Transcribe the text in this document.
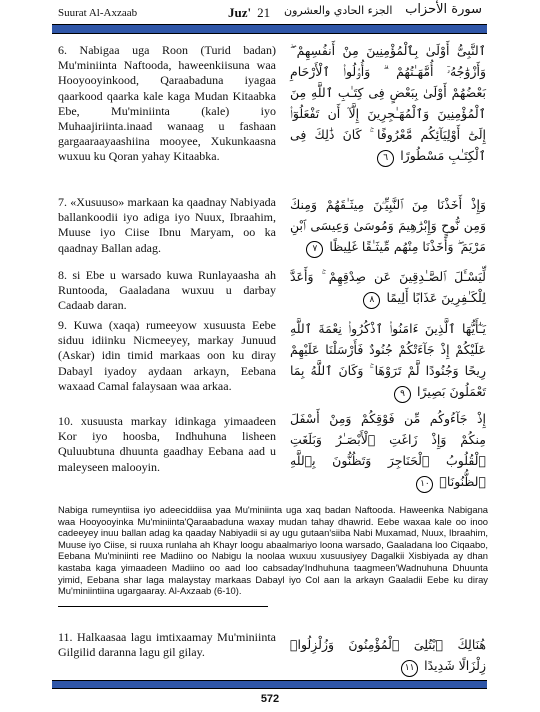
Suurat Al-Axzaab	Juz' 21 الجزء الحادي والعشرون سورة الأحزاب
6. Nabigaa uga Roon (Turid badan) Mu'miniinta Naftooda, haweenkiisuna waa Hooyooyinkood, Qaraabaduna iyagaa qaarkood qaarka kale kaga Mudan Kitaabka Ebe, Mu'miniinta (kale) iyo Muhaajiriinta.inaad wanaag u fashaan gargaaraayaashiina mooyee, Xukunkaasna wuxuu ku Qoran yahay Kitaabka.
ٱلنَّبِىُّ أَوْلَىٰ بِٱلْمُؤْمِنِينَ مِنْ أَنفُسِهِمْ ۖ وَأَزْوَٰجُهُۥٓ أُمَّهَـٰتُهُمْ ۗ وَأُو۟لُوا۟ ٱلْأَرْحَامِ بَعْضُهُمْ أَوْلَىٰ بِبَعْضٍ فِى كِتَـٰبِ ٱللَّهِ مِنَ ٱلْمُؤْمِنِينَ وَٱلْمُهَـٰجِرِينَ إِلَّآ أَن تَفْعَلُوٓا۟ إِلَىٰٓ أَوْلِيَآئِكُم مَّعْرُوفًا ۚ كَانَ ذَٰلِكَ فِى ٱلْكِتَـٰبِ مَسْطُورًا ٦
7. «Xusuuso» markaan ka qaadnay Nabiyada ballankoodii iyo adiga iyo Nuux, Ibraahim, Muuse iyo Ciise Ibnu Maryam, oo ka qaadnay Ballan adag.
وَإِذْ أَخَذْنَا مِنَ ٱلنَّبِيِّـۧنَ مِيثَـٰقَهُمْ وَمِنكَ وَمِن نُّوحٍ وَإِبْرَٰهِيمَ وَمُوسَىٰ وَعِيسَى ٱبْنِ مَرْيَمَ ۖ وَأَخَذْنَا مِنْهُم مِّيثَـٰقًا غَلِيظًا ٧
8. si Ebe u warsado kuwa Runlayaasha ah Runtooda, Gaaladana wuxuu u darbay Cadaab daran.
لِّيَسْـَٔلَ ٱلصَّـٰدِقِينَ عَن صِدْقِهِمْ ۚ وَأَعَدَّ لِلْكَـٰفِرِينَ عَذَابًا أَلِيمًا ٨
9. Kuwa (xaqa) rumeeyow xusuusta Eebe siduu idiinku Nicmeeyey, markay Junuud (Askar) idin timid markaas oon ku diray Dabayl iyadoy aydaan arkayn, Eebana waxaad Camal falaysaan waa arkaa.
يَـٰٓأَيُّهَا ٱلَّذِينَ ءَامَنُوا۟ ٱذْكُرُوا۟ نِعْمَةَ ٱللَّهِ عَلَيْكُمْ إِذْ جَآءَتْكُمْ جُنُودٌ فَأَرْسَلْنَا عَلَيْهِمْ رِيحًا وَجُنُودًا لَّمْ تَرَوْهَا ۚ وَكَانَ ٱللَّهُ بِمَا تَعْمَلُونَ بَصِيرًا ٩
10. xusuusta markay idinkaga yimaadeen Kor iyo hoosba, Indhuhuna lisheen Quluubtuna dhuunta gaadhay Eebana aad u maleyseen malooyin.
إِذْ جَآءُوكُم مِّن فَوْقِكُمْ وَمِنْ أَسْفَلَ مِنكُمْ وَإِذْ زَاغَتِ ٱلْأَبْصَـٰرُ وَبَلَغَتِ ٱلْقُلُوبُ ٱلْحَنَاجِرَ وَتَظُنُّونَ بِٱللَّهِ ٱلظُّنُونَا۠ ١٠
Nabiga rumeyntiisa iyo adeeciddiisa yaa Mu'miniinta uga xaq badan Naftooda. Haweenka Nabigana waa Hooyooyinka Mu'miniinta'Qaraabaduna waxay mudan tahay dhawrid. Eebe waxaa kale oo inoo cadeeyey inuu ballan adag ka qaaday Nabiyadii si ay ugu gutaan'siiba Nabi Muxamad, Nuux, Ibraahim, Muuse iyo Ciise, si ruuxa runlaha ah Khayr loogu abaalmariyo loona warsado, Gaaladana loo Ciqaabo, Eebana Mu'miniinti ree Madiino oo Nabigu la noolaa wuxuu xusuusiyey Dagalkii Xisbiyada ay dhan kastaba kaga yimaadeen Madiino oo aad loo cabsaday'Indhuhuna taagmeen'Wadnuhuna Dhuunta yimid, Eebana shar laga malaystay markaas Dabayl iyo Col aan la arkayn Gaaladii Eebe ku diray Mu'miniintiina ugargaaray. Al-Axzaab (6-10).
11. Halkaasaa lagu imtixaamay Mu'miniinta Gilgilid daranna lagu gil gilay.
هُنَالِكَ ٱبْتُلِىَ ٱلْمُؤْمِنُونَ وَزُلْزِلُوا۟ زِلْزَالًا شَدِيدًا ١١
572
